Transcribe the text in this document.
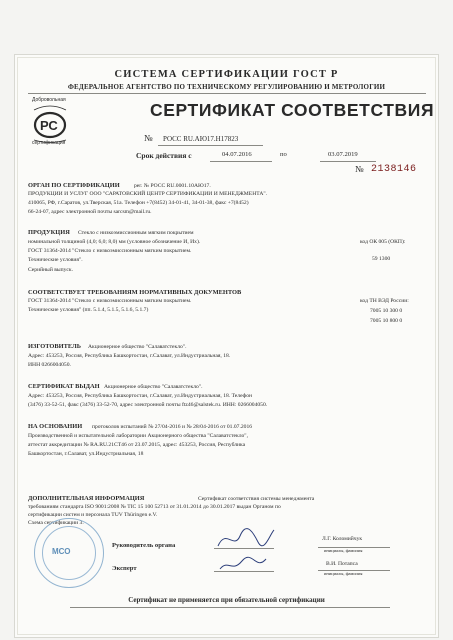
СИСТЕМА СЕРТИФИКАЦИИ ГОСТ Р
ФЕДЕРАЛЬНОЕ АГЕНТСТВО ПО ТЕХНИЧЕСКОМУ РЕГУЛИРОВАНИЮ И МЕТРОЛОГИИ
РС
Добровольная
сертификация
СЕРТИФИКАТ СООТВЕТСТВИЯ
№ РОСС RU.АЮ17.Н17823
Срок действия с	04.07.2016	по	03.07.2019
№ 2138146
ОРГАН ПО СЕРТИФИКАЦИИ	рег. № РОСС RU.0001.10АЮ17.
ПРОДУКЦИИ И УСЛУГ ООО "САРАТОВСКИЙ ЦЕНТР СЕРТИФИКАЦИИ И МЕНЕДЖМЕНТА".
410065, РФ, г.Саратов, ул.Тверская, 51а. Телефон +7(8452) 34-01-41, 34-01-38, факс +7(8452)
66-24-07, адрес электронной почты sarcsm@mail.ru.
ПРОДУКЦИЯ Стекло с низкоэмиссионным мягким покрытием
номинальной толщиной (4,0; 6,0; 8,0) мм (условное обозначение И, Их).
ГОСТ 31364-2014 "Стекло с низкоэмиссионным мягким покрытием.
Технические условия".
Серийный выпуск.
код ОК 005 (ОКП):
59 1300
СООТВЕТСТВУЕТ ТРЕБОВАНИЯМ НОРМАТИВНЫХ ДОКУМЕНТОВ
ГОСТ 31364-2014 "Стекло с низкоэмиссионным мягким покрытием.
Технические условия" (пп. 5.1.4, 5.1.5, 5.1.6, 5.1.7)
код ТН ВЭД России:
7005 10 300 0
7005 10 800 0
ИЗГОТОВИТЕЛЬ Акционерное общество "Салаватстекло".
Адрес: 453253, Россия, Республика Башкортостан, г.Салават, ул.Индустриальная, 18.
ИНН 0266004050.
СЕРТИФИКАТ ВЫДАН Акционерное общество "Салаватстекло".
Адрес: 453253, Россия, Республика Башкортостан, г.Салават, ул.Индустриальная, 18. Телефон
(3476) 33-52-51, факс (3476) 33-52-70, адрес электронной почты ftz46@salstek.ru. ИНН: 0266004050.
НА ОСНОВАНИИ протоколов испытаний № 27/04-2016 и № 28/04-2016 от 01.07.2016
Производственной и испытательной лаборатории Акционерного общества "Салаватстекло",
аттестат аккредитации № RA.RU.21СТ46 от 23.07.2015, адрес: 453253, Россия, Республика
Башкортостан, г.Салават, ул.Индустриальная, 18
ДОПОЛНИТЕЛЬНАЯ ИНФОРМАЦИЯ	Сертификат соответствия системы менеджмента
требованиям стандарта ISO 9001:2008 № TIC 15 100 52713 от 31.01.2014 до 30.01.2017 выдан Органом по
сертификации систем и персонала TUV Thüringen e.V.
Схема сертификации 3.
МСО
Руководитель органа
Л.Г. Коломийчук
инициалы, фамилия
Эксперт
В.И. Потапса
инициалы, фамилия
Сертификат не применяется при обязательной сертификации
